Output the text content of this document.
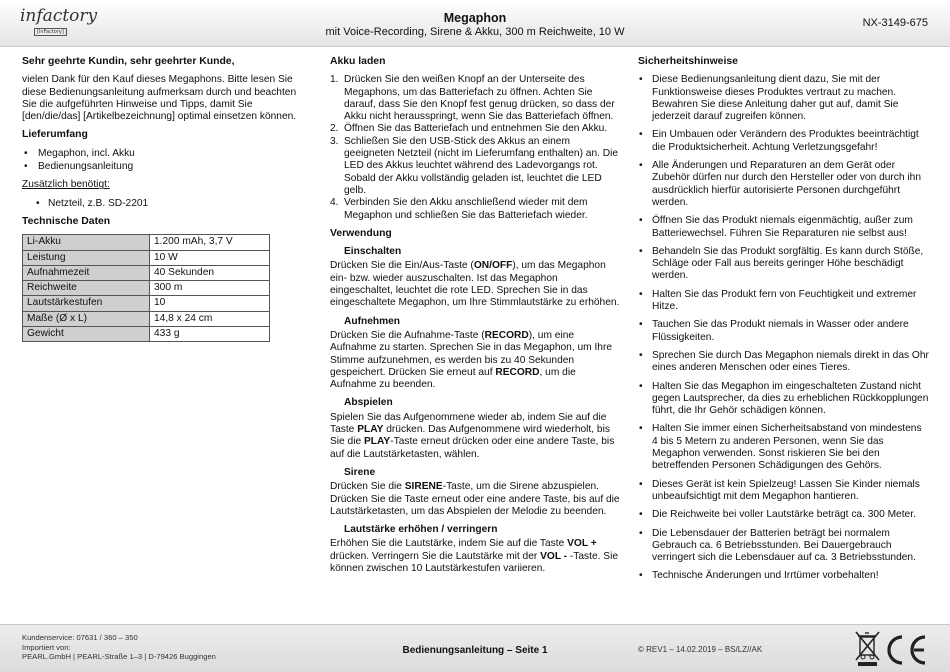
infactory
[InFactory]
Megaphon
mit Voice-Recording, Sirene & Akku, 300 m Reichweite, 10 W
NX-3149-675
Sehr geehrte Kundin, sehr geehrter Kunde,

vielen Dank für den Kauf dieses Megaphons. Bitte lesen Sie diese Bedienungsanleitung aufmerksam durch und beachten Sie die aufgeführten Hinweise und Tipps, damit Sie [den/die/das] [Artikelbezeichnung] optimal einsetzen können.

Lieferumfang
• Megaphon, incl. Akku
• Bedienungsanleitung

Zusätzlich benötigt:

• Netzteil, z.B. SD-2201
Technische Daten
Li-Akku	1.200 mAh, 3,7 V
Leistung	10 W
Aufnahmezeit	40 Sekunden
Reichweite	300 m
Lautstärkestufen	10
Maße (Ø x L)	14,8 x 24 cm
Gewicht	433 g
Akku laden
1. Drücken Sie den weißen Knopf an der Unterseite des Megaphons, um das Batteriefach zu öffnen. Achten Sie darauf, dass Sie den Knopf fest genug drücken, so dass der Akku nicht herausspringt, wenn Sie das Batteriefach öffnen.
2. Öffnen Sie das Batteriefach und entnehmen Sie den Akku.
3. Schließen Sie den USB-Stick des Akkus an einem geeigneten Netzteil (nicht im Lieferumfang enthalten) an. Die LED des Akkus leuchtet während des Ladevorgangs rot. Sobald der Akku vollständig geladen ist, leuchtet die LED gelb.
4. Verbinden Sie den Akku anschließend wieder mit dem Megaphon und schließen Sie das Batteriefach wieder.
Verwendung
Einschalten

Drücken Sie die Ein/Aus-Taste (ON/OFF), um das Megaphon ein- bzw. wieder auszuschalten. Ist das Megaphon eingeschaltet, leuchtet die rote LED. Sprechen Sie in das eingeschaltete Megaphon, um Ihre Stimmlautstärke zu erhöhen.

Aufnehmen

Drücken Sie die Aufnahme-Taste (RECORD), um eine Aufnahme zu starten. Sprechen Sie in das Megaphon, um Ihre Stimme aufzunehmen, es werden bis zu 40 Sekunden gespeichert. Drücken Sie erneut auf RECORD, um die Aufnahme zu beenden.

Abspielen

Spielen Sie das Aufgenommene wieder ab, indem Sie auf die Taste PLAY drücken. Das Aufgenommene wird wiederholt, bis Sie die PLAY-Taste erneut drücken oder eine andere Taste, bis auf die Lautstärketasten, wählen.

Sirene

Drücken Sie die SIRENE-Taste, um die Sirene abzuspielen. Drücken Sie die Taste erneut oder eine andere Taste, bis auf die Lautstärketasten, um das Abspielen der Melodie zu beenden.

Lautstärke erhöhen / verringern

Erhöhen Sie die Lautstärke, indem Sie auf die Taste VOL + drücken. Verringern Sie die Lautstärke mit der VOL - -Taste. Sie können zwischen 10 Lautstärkestufen variieren.

Sicherheitshinweise
• Diese Bedienungsanleitung dient dazu, Sie mit der Funktionsweise dieses Produktes vertraut zu machen. Bewahren Sie diese Anleitung daher gut auf, damit Sie jederzeit darauf zugreifen können.
• Ein Umbauen oder Verändern des Produktes beeinträchtigt die Produktsicherheit. Achtung Verletzungsgefahr!
• Alle Änderungen und Reparaturen an dem Gerät oder Zubehör dürfen nur durch den Hersteller oder von durch ihn ausdrücklich hierfür autorisierte Personen durchgeführt werden.
• Öffnen Sie das Produkt niemals eigenmächtig, außer zum Batteriewechsel. Führen Sie Reparaturen nie selbst aus!
• Behandeln Sie das Produkt sorgfältig. Es kann durch Stöße, Schläge oder Fall aus bereits geringer Höhe beschädigt werden.
• Halten Sie das Produkt fern von Feuchtigkeit und extremer Hitze.
• Tauchen Sie das Produkt niemals in Wasser oder andere Flüssigkeiten.
• Sprechen Sie durch Das Megaphon niemals direkt in das Ohr eines anderen Menschen oder eines Tieres.
• Halten Sie das Megaphon im eingeschalteten Zustand nicht gegen Lautsprecher, da dies zu erheblichen Rückkopplungen führt, die Ihr Gehör schädigen können.
• Halten Sie immer einen Sicherheitsabstand von mindestens 4 bis 5 Metern zu anderen Personen, wenn Sie das Megaphon verwenden. Sonst riskieren Sie bei den betreffenden Personen Schädigungen des Gehörs.
• Dieses Gerät ist kein Spielzeug! Lassen Sie Kinder niemals unbeaufsichtigt mit dem Megaphon hantieren.
• Die Reichweite bei voller Lautstärke beträgt ca. 300 Meter.
• Die Lebensdauer der Batterien beträgt bei normalem Gebrauch ca. 6 Betriebsstunden. Bei Dauergebrauch verringert sich die Lebensdauer auf ca. 3 Betriebsstunden.
• Technische Änderungen und Irrtümer vorbehalten!
Kundenservice: 07631 / 360 – 350
Importiert von:
PEARL.GmbH | PEARL-Straße 1–3 | D-79426 Buggingen
Bedienungsanleitung – Seite 1	© REV1 – 14.02.2019 – BS/LZ//AK
